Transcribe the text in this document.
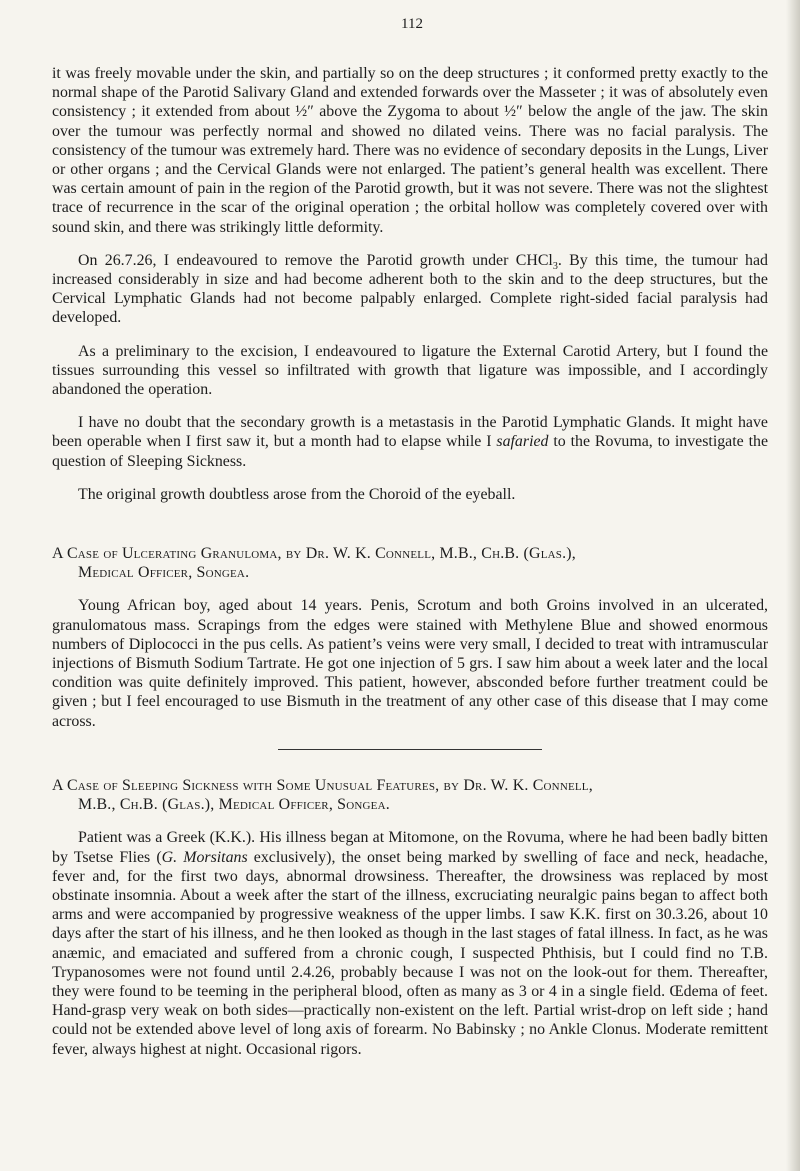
112

it was freely movable under the skin, and partially so on the deep structures ; it conformed pretty exactly to the normal shape of the Parotid Salivary Gland and extended forwards over the Masseter ; it was of absolutely even consistency ; it extended from about ½″ above the Zygoma to about ½″ below the angle of the jaw. The skin over the tumour was perfectly normal and showed no dilated veins. There was no facial paralysis. The consistency of the tumour was extremely hard. There was no evidence of secondary deposits in the Lungs, Liver or other organs ; and the Cervical Glands were not enlarged. The patient’s general health was excellent. There was certain amount of pain in the region of the Parotid growth, but it was not severe. There was not the slightest trace of recurrence in the scar of the original operation ; the orbital hollow was completely covered over with sound skin, and there was strikingly little deformity.

On 26.7.26, I endeavoured to remove the Parotid growth under CHCl$_3$. By this time, the tumour had increased considerably in size and had become adherent both to the skin and to the deep structures, but the Cervical Lymphatic Glands had not become palpably enlarged. Complete right-sided facial paralysis had developed.

As a preliminary to the excision, I endeavoured to ligature the External Carotid Artery, but I found the tissues surrounding this vessel so infiltrated with growth that ligature was impossible, and I accordingly abandoned the operation.

I have no doubt that the secondary growth is a metastasis in the Parotid Lymphatic Glands. It might have been operable when I first saw it, but a month had to elapse while I safaried to the Rovuma, to investigate the question of Sleeping Sickness.

The original growth doubtless arose from the Choroid of the eyeball.

A Case of Ulcerating Granuloma, by Dr. W. K. Connell, M.B., Ch.B. (Glas.),
Medical Officer, Songea.

Young African boy, aged about 14 years. Penis, Scrotum and both Groins involved in an ulcerated, granulomatous mass. Scrapings from the edges were stained with Methylene Blue and showed enormous numbers of Diplococci in the pus cells. As patient’s veins were very small, I decided to treat with intramuscular injections of Bismuth Sodium Tartrate. He got one injection of 5 grs. I saw him about a week later and the local condition was quite definitely improved. This patient, however, absconded before further treatment could be given ; but I feel encouraged to use Bismuth in the treatment of any other case of this disease that I may come across.

A Case of Sleeping Sickness with Some Unusual Features, by Dr. W. K. Connell,
M.B., Ch.B. (Glas.), Medical Officer, Songea.

Patient was a Greek (K.K.). His illness began at Mitomone, on the Rovuma, where he had been badly bitten by Tsetse Flies (G. Morsitans exclusively), the onset being marked by swelling of face and neck, headache, fever and, for the first two days, abnormal drowsiness. Thereafter, the drowsiness was replaced by most obstinate insomnia. About a week after the start of the illness, excruciating neuralgic pains began to affect both arms and were accompanied by progressive weakness of the upper limbs. I saw K.K. first on 30.3.26, about 10 days after the start of his illness, and he then looked as though in the last stages of fatal illness. In fact, as he was anæmic, and emaciated and suffered from a chronic cough, I suspected Phthisis, but I could find no T.B. Trypanosomes were not found until 2.4.26, probably because I was not on the look-out for them. Thereafter, they were found to be teeming in the peripheral blood, often as many as 3 or 4 in a single field. Œdema of feet. Hand-grasp very weak on both sides—practically non-existent on the left. Partial wrist-drop on left side ; hand could not be extended above level of long axis of forearm. No Babinsky ; no Ankle Clonus. Moderate remittent fever, always highest at night. Occasional rigors.
